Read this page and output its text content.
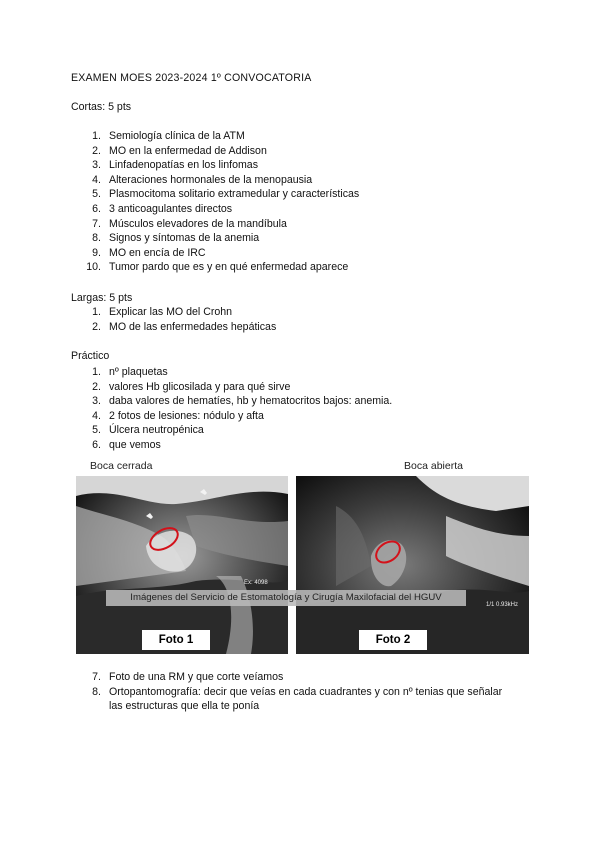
EXAMEN MOES 2023-2024 1º CONVOCATORIA
Cortas: 5 pts
1. Semiología clínica de la ATM
2. MO en la enfermedad de Addison
3. Linfadenopatías en los linfomas
4. Alteraciones hormonales de la menopausia
5. Plasmocitoma solitario extramedular y características
6. 3 anticoagulantes directos
7. Músculos elevadores de la mandíbula
8. Signos y síntomas de la anemia
9. MO en encía de IRC
10. Tumor pardo que es y en qué enfermedad aparece
Largas: 5 pts
1. Explicar las MO del Crohn
2. MO de las enfermedades hepáticas
Práctico
1. nº plaquetas
2. valores Hb glicosilada y para qué sirve
3. daba valores de hematíes, hb y hematocritos bajos: anemia.
4. 2 fotos de lesiones: nódulo y afta
5. Úlcera neutropénica
6. que vemos
Boca cerrada	Boca abierta
Ex: 4098
1/1 0.93kHz
Imágenes del Servicio de Estomatología y Cirugía Maxilofacial del HGUV
Foto 1	Foto 2
7. Foto de una RM y que corte veíamos
8. Ortopantomografía: decir que veías en cada cuadrantes y con nº tenias que señalar
las estructuras que ella te ponía
